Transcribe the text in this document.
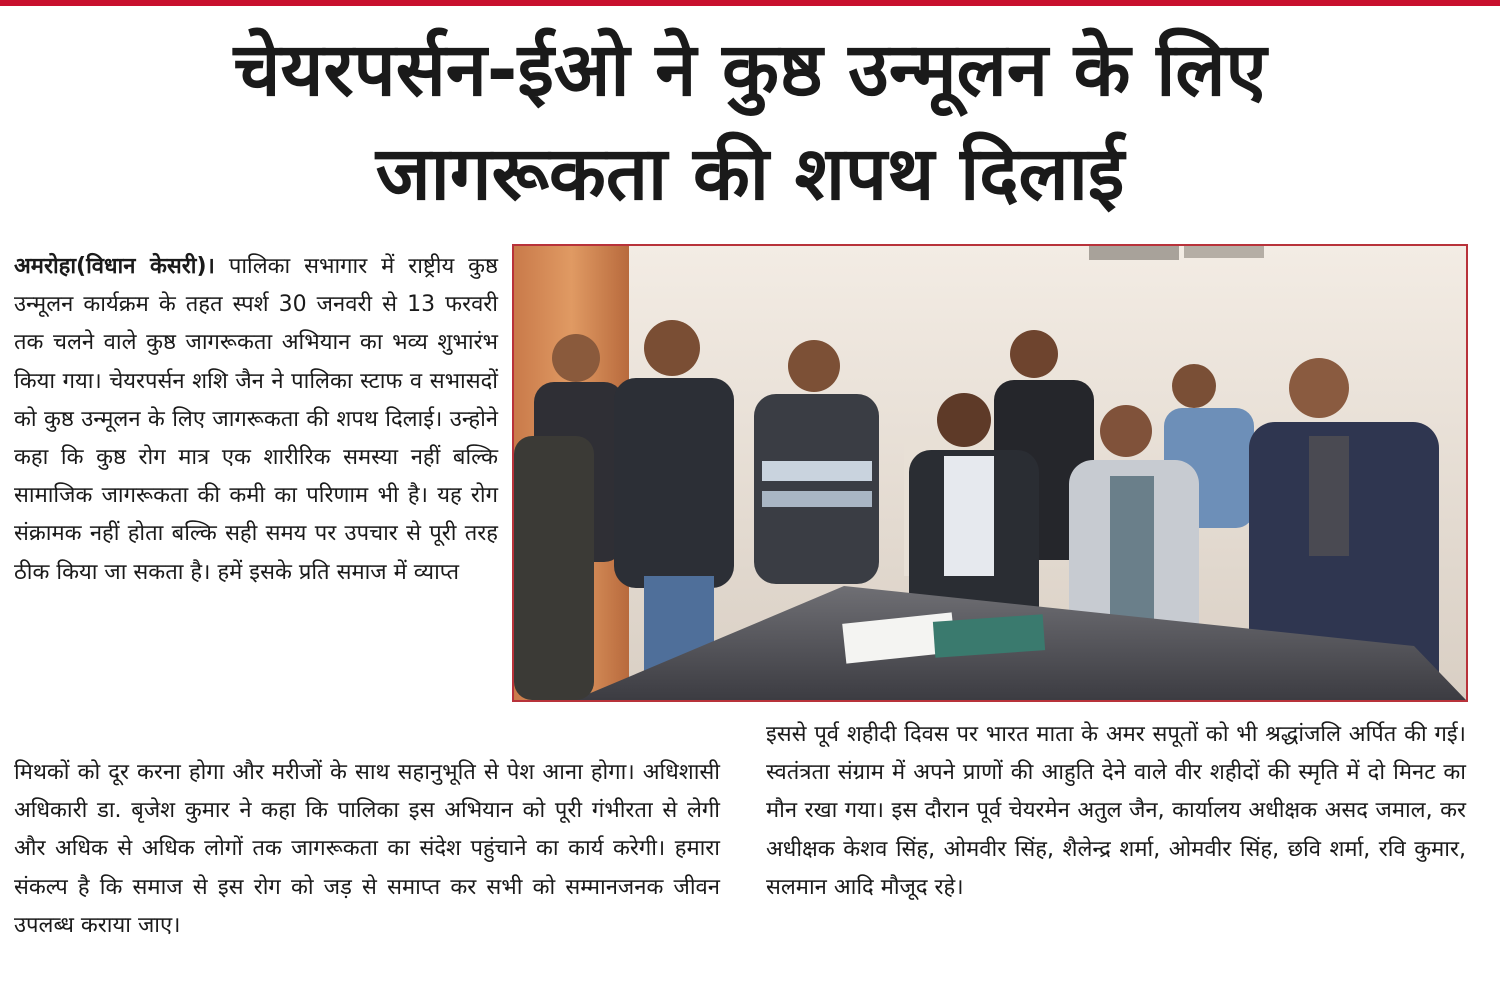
चेयरपर्सन-ईओ ने कुष्ठ उन्मूलन के लिए
जागरूकता की शपथ दिलाई

अमरोहा(विधान केसरी)। पालिका सभागार में राष्ट्रीय कुष्ठ उन्मूलन कार्यक्रम के तहत स्पर्श 30 जनवरी से 13 फरवरी तक चलने वाले कुष्ठ जागरूकता अभियान का भव्य शुभारंभ किया गया। चेयरपर्सन शशि जैन ने पालिका स्टाफ व सभासदों को कुष्ठ उन्मूलन के लिए जागरूकता की शपथ दिलाई। उन्होने कहा कि कुष्ठ रोग मात्र एक शारीरिक समस्या नहीं बल्कि सामाजिक जागरूकता की कमी का परिणाम भी है। यह रोग संक्रामक नहीं होता बल्कि सही समय पर उपचार से पूरी तरह ठीक किया जा सकता है। हमें इसके प्रति समाज में व्याप्त

मिथकों को दूर करना होगा और मरीजों के साथ सहानुभूति से पेश आना होगा। अधिशासी अधिकारी डा. बृजेश कुमार ने कहा कि पालिका इस अभियान को पूरी गंभीरता से लेगी और अधिक से अधिक लोगों तक जागरूकता का संदेश पहुंचाने का कार्य करेगी। हमारा संकल्प है कि समाज से इस रोग को जड़ से समाप्त कर सभी को सम्मानजनक जीवन उपलब्ध कराया जाए।

इससे पूर्व शहीदी दिवस पर भारत माता के अमर सपूतों को भी श्रद्धांजलि अर्पित की गई। स्वतंत्रता संग्राम में अपने प्राणों की आहुति देने वाले वीर शहीदों की स्मृति में दो मिनट का मौन रखा गया। इस दौरान पूर्व चेयरमेन अतुल जैन, कार्यालय अधीक्षक असद जमाल, कर अधीक्षक केशव सिंह, ओमवीर सिंह, शैलेन्द्र शर्मा, ओमवीर सिंह, छवि शर्मा, रवि कुमार, सलमान आदि मौजूद रहे।
